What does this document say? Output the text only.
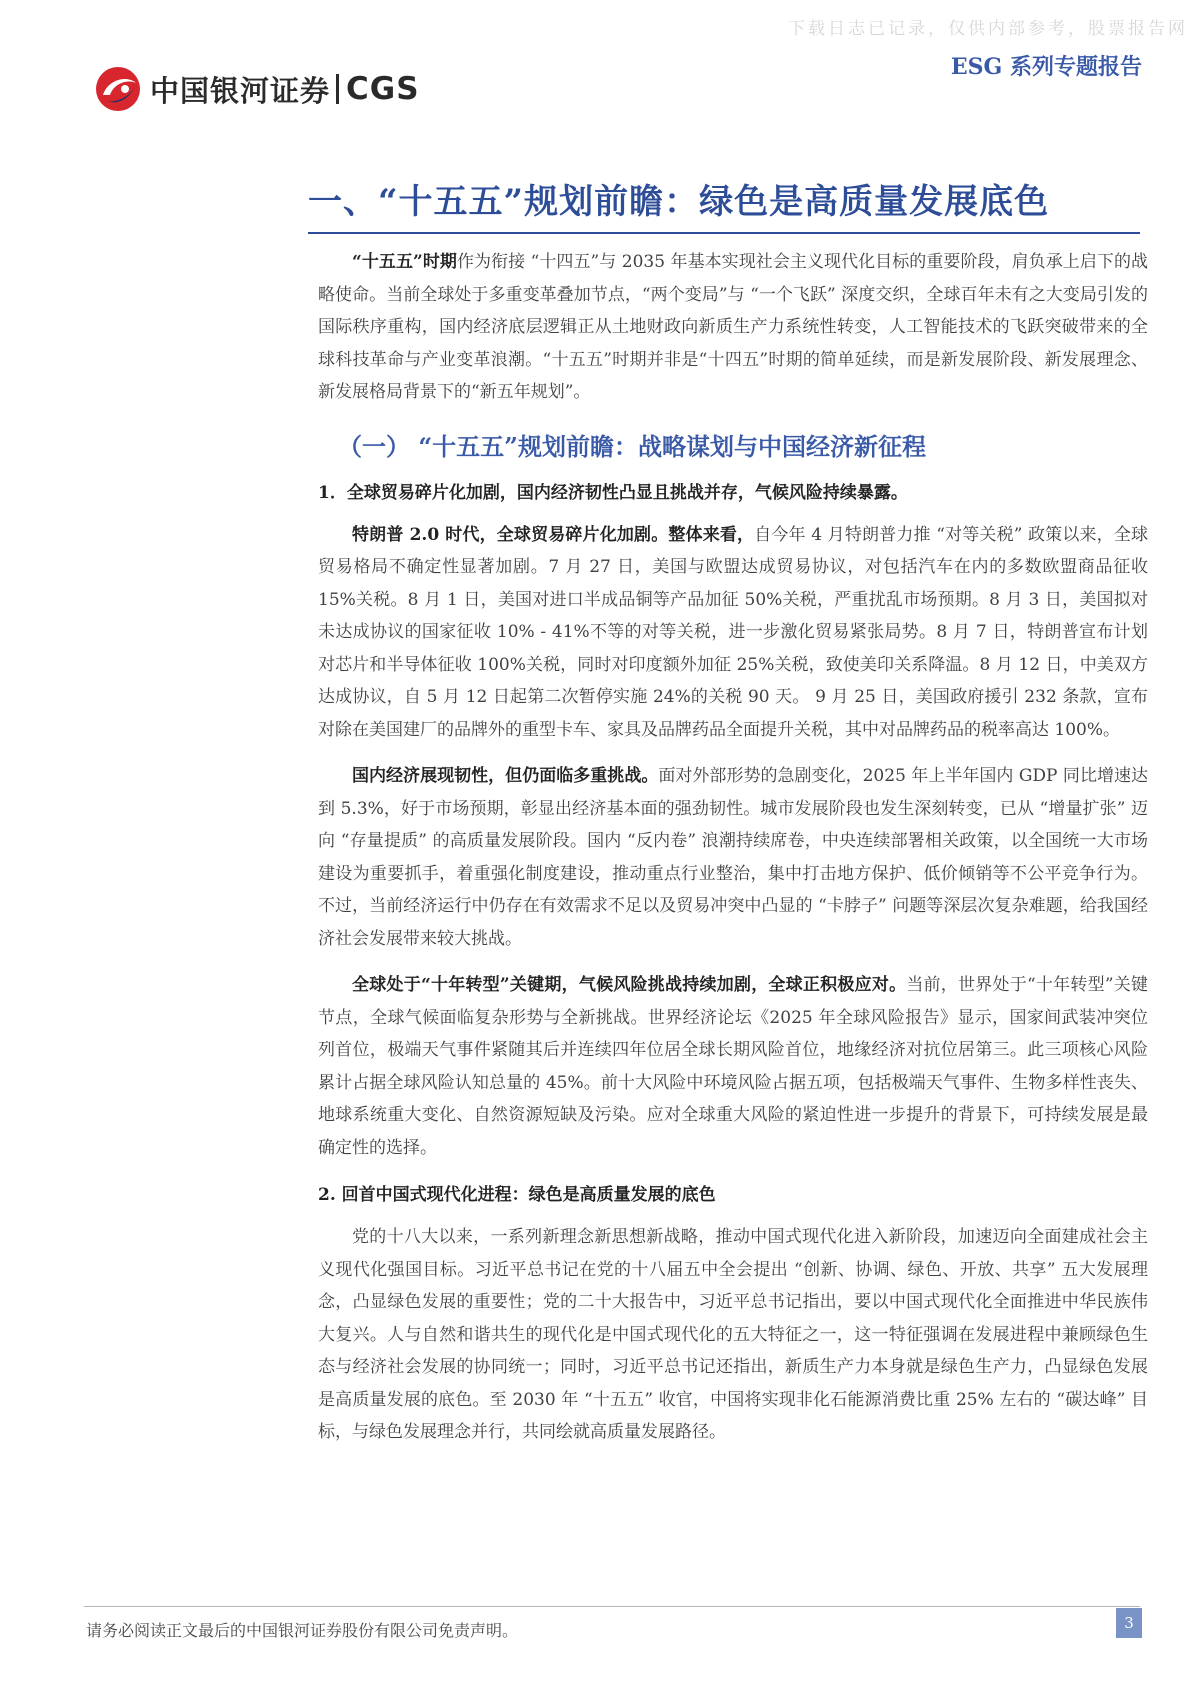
下载日志已记录，仅供内部参考，股票报告网
中国银河证券 CGS
ESG 系列专题报告
一、“十五五”规划前瞻：绿色是高质量发展底色

“十五五”时期作为衔接 “十四五”与 2035 年基本实现社会主义现代化目标的重要阶段，肩负承上启下的战略使命。当前全球处于多重变革叠加节点，“两个变局”与 “一个飞跃” 深度交织，全球百年未有之大变局引发的国际秩序重构，国内经济底层逻辑正从土地财政向新质生产力系统性转变，人工智能技术的飞跃突破带来的全球科技革命与产业变革浪潮。“十五五”时期并非是“十四五”时期的简单延续，而是新发展阶段、新发展理念、新发展格局背景下的“新五年规划”。

（一） “十五五”规划前瞻：战略谋划与中国经济新征程
1．全球贸易碎片化加剧，国内经济韧性凸显且挑战并存，气候风险持续暴露。

特朗普 2.0 时代，全球贸易碎片化加剧。整体来看，自今年 4 月特朗普力推 “对等关税” 政策以来，全球贸易格局不确定性显著加剧。7 月 27 日，美国与欧盟达成贸易协议，对包括汽车在内的多数欧盟商品征收 15%关税。8 月 1 日，美国对进口半成品铜等产品加征 50%关税，严重扰乱市场预期。8 月 3 日，美国拟对未达成协议的国家征收 10% - 41%不等的对等关税，进一步激化贸易紧张局势。8 月 7 日，特朗普宣布计划对芯片和半导体征收 100%关税，同时对印度额外加征 25%关税，致使美印关系降温。8 月 12 日，中美双方达成协议，自 5 月 12 日起第二次暂停实施 24%的关税 90 天。 9 月 25 日，美国政府援引 232 条款，宣布对除在美国建厂的品牌外的重型卡车、家具及品牌药品全面提升关税，其中对品牌药品的税率高达 100%。

国内经济展现韧性，但仍面临多重挑战。面对外部形势的急剧变化，2025 年上半年国内 GDP 同比增速达到 5.3%，好于市场预期，彰显出经济基本面的强劲韧性。城市发展阶段也发生深刻转变，已从 “增量扩张” 迈向 “存量提质” 的高质量发展阶段。国内 “反内卷” 浪潮持续席卷，中央连续部署相关政策，以全国统一大市场建设为重要抓手，着重强化制度建设，推动重点行业整治，集中打击地方保护、低价倾销等不公平竞争行为。不过，当前经济运行中仍存在有效需求不足以及贸易冲突中凸显的 “卡脖子” 问题等深层次复杂难题，给我国经济社会发展带来较大挑战。

全球处于“十年转型”关键期，气候风险挑战持续加剧，全球正积极应对。当前，世界处于“十年转型”关键节点，全球气候面临复杂形势与全新挑战。世界经济论坛《2025 年全球风险报告》显示，国家间武装冲突位列首位，极端天气事件紧随其后并连续四年位居全球长期风险首位，地缘经济对抗位居第三。此三项核心风险累计占据全球风险认知总量的 45%。前十大风险中环境风险占据五项，包括极端天气事件、生物多样性丧失、地球系统重大变化、自然资源短缺及污染。应对全球重大风险的紧迫性进一步提升的背景下，可持续发展是最确定性的选择。

2. 回首中国式现代化进程：绿色是高质量发展的底色

党的十八大以来，一系列新理念新思想新战略，推动中国式现代化进入新阶段，加速迈向全面建成社会主义现代化强国目标。习近平总书记在党的十八届五中全会提出 “创新、协调、绿色、开放、共享” 五大发展理念，凸显绿色发展的重要性；党的二十大报告中，习近平总书记指出，要以中国式现代化全面推进中华民族伟大复兴。人与自然和谐共生的现代化是中国式现代化的五大特征之一，这一特征强调在发展进程中兼顾绿色生态与经济社会发展的协同统一；同时，习近平总书记还指出，新质生产力本身就是绿色生产力，凸显绿色发展是高质量发展的底色。至 2030 年 “十五五” 收官，中国将实现非化石能源消费比重 25% 左右的 “碳达峰” 目标，与绿色发展理念并行，共同绘就高质量发展路径。

请务必阅读正文最后的中国银河证券股份有限公司免责声明。	3
